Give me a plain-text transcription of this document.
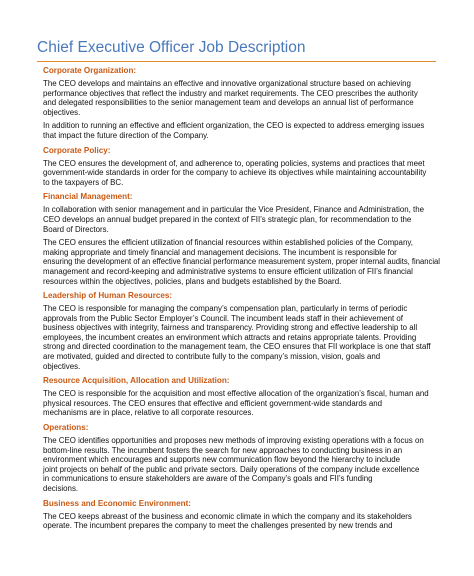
Chief Executive Officer Job Description
Corporate Organization:
The CEO develops and maintains an effective and innovative organizational structure based on achieving
performance objectives that reflect the industry and market requirements. The CEO prescribes the authority
and delegated responsibilities to the senior management team and develops an annual list of performance
objectives.
In addition to running an effective and efficient organization, the CEO is expected to address emerging issues
that impact the future direction of the Company.
Corporate Policy:
The CEO ensures the development of, and adherence to, operating policies, systems and practices that meet
government-wide standards in order for the company to achieve its objectives while maintaining accountability
to the taxpayers of BC.
Financial Management:
In collaboration with senior management and in particular the Vice President, Finance and Administration, the
CEO develops an annual budget prepared in the context of FII’s strategic plan, for recommendation to the
Board of Directors.
The CEO ensures the efficient utilization of financial resources within established policies of the Company,
making appropriate and timely financial and management decisions. The incumbent is responsible for
ensuring the development of an effective financial performance measurement system, proper internal audits, financial
management and record-keeping and administrative systems to ensure efficient utilization of FII’s financial
resources within the objectives, policies, plans and budgets established by the Board.
Leadership of Human Resources:
The CEO is responsible for managing the company’s compensation plan, particularly in terms of periodic
approvals from the Public Sector Employer’s Council. The incumbent leads staff in their achievement of
business objectives with integrity, fairness and transparency. Providing strong and effective leadership to all
employees, the incumbent creates an environment which attracts and retains appropriate talents. Providing
strong and directed coordination to the management team, the CEO ensures that FII workplace is one that staff
are motivated, guided and directed to contribute fully to the company’s mission, vision, goals and
objectives.
Resource Acquisition, Allocation and Utilization:
The CEO is responsible for the acquisition and most effective allocation of the organization’s fiscal, human and
physical resources. The CEO ensures that effective and efficient government-wide standards and
mechanisms are in place, relative to all corporate resources.
Operations:
The CEO identifies opportunities and proposes new methods of improving existing operations with a focus on
bottom-line results. The incumbent fosters the search for new approaches to conducting business in an
environment which encourages and supports new communication flow beyond the hierarchy to include
joint projects on behalf of the public and private sectors. Daily operations of the company include excellence
in communications to ensure stakeholders are aware of the Company’s goals and FII’s funding
decisions.
Business and Economic Environment:
The CEO keeps abreast of the business and economic climate in which the company and its stakeholders
operate. The incumbent prepares the company to meet the challenges presented by new trends and
